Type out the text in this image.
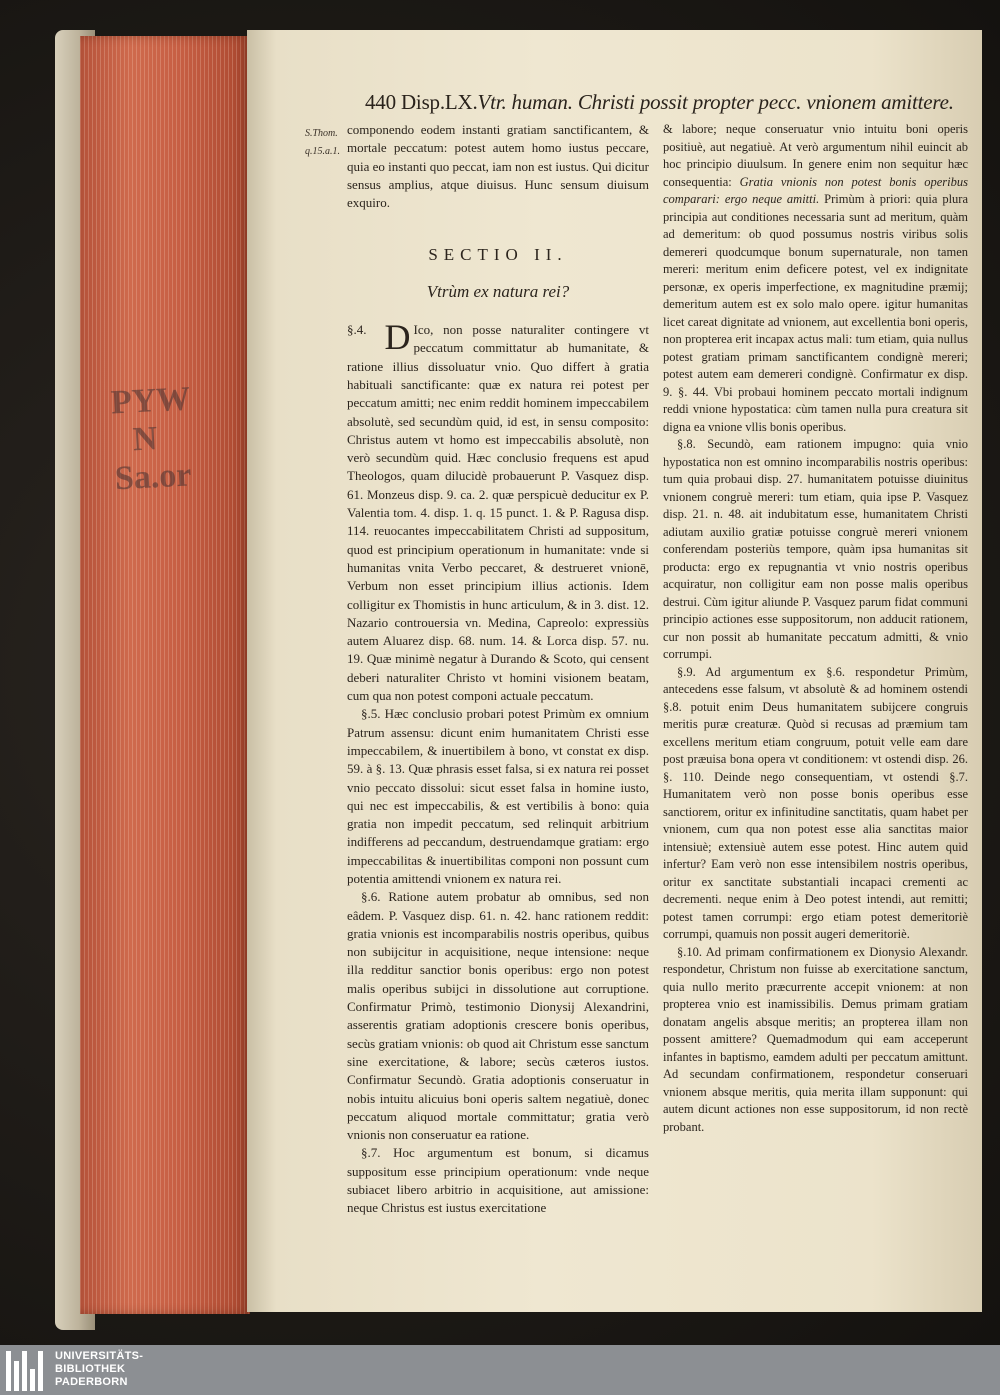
PYW
N
Sa.or
440 Disp.LX.Vtr. human. Christi possit propter pecc. vnionem amittere.
S.Thom.
q.15.a.1.

componendo eodem instanti gratiam sanctificantem, & mortale peccatum: potest autem homo iustus peccare, quia eo instanti quo peccat, iam non est iustus. Qui dicitur sensus amplius, atque diuisus. Hunc sensum diuisum exquiro.

SECTIO II.
Vtrùm ex natura rei?

§.4. D Ico, non posse naturaliter contingere vt peccatum committatur ab humanitate, & ratione illius dissoluatur vnio. Quo differt à gratia habituali sanctificante: quæ ex natura rei potest per peccatum amitti; nec enim reddit hominem impeccabilem absolutè, sed secundùm quid, id est, in sensu composito: Christus autem vt homo est impeccabilis absolutè, non verò secundùm quid. Hæc conclusio frequens est apud Theologos, quam dilucidè probauerunt P. Vasquez disp. 61. Monzeus disp. 9. ca. 2. quæ perspicuè deducitur ex P. Valentia tom. 4. disp. 1. q. 15 punct. 1. & P. Ragusa disp. 114. reuocantes impeccabilitatem Christi ad suppositum, quod est principium operationum in humanitate: vnde si humanitas vnita Verbo peccaret, & destrueret vnionē, Verbum non esset principium illius actionis. Idem colligitur ex Thomistis in hunc articulum, & in 3. dist. 12. Nazario controuersia vn. Medina, Capreolo: expressiùs autem Aluarez disp. 68. num. 14. & Lorca disp. 57. nu. 19. Quæ minimè negatur à Durando & Scoto, qui censent deberi naturaliter Christo vt homini visionem beatam, cum qua non potest componi actuale peccatum.

§.5. Hæc conclusio probari potest Primùm ex omnium Patrum assensu: dicunt enim humanitatem Christi esse impeccabilem, & inuertibilem à bono, vt constat ex disp. 59. à §. 13. Quæ phrasis esset falsa, si ex natura rei posset vnio peccato dissolui: sicut esset falsa in homine iusto, qui nec est impeccabilis, & est vertibilis à bono: quia gratia non impedit peccatum, sed relinquit arbitrium indifferens ad peccandum, destruendamque gratiam: ergo impeccabilitas & inuertibilitas componi non possunt cum potentia amittendi vnionem ex natura rei.

§.6. Ratione autem probatur ab omnibus, sed non eâdem. P. Vasquez disp. 61. n. 42. hanc rationem reddit: gratia vnionis est incomparabilis nostris operibus, quibus non subijcitur in acquisitione, neque intensione: neque illa redditur sanctior bonis operibus: ergo non potest malis operibus subijci in dissolutione aut corruptione. Confirmatur Primò, testimonio Dionysij Alexandrini, asserentis gratiam adoptionis crescere bonis operibus, secùs gratiam vnionis: ob quod ait Christum esse sanctum sine exercitatione, & labore; secùs cæteros iustos. Confirmatur Secundò. Gratia adoptionis conseruatur in nobis intuitu alicuius boni operis saltem negatiuè, donec peccatum aliquod mortale committatur; gratia verò vnionis non conseruatur ea ratione.

§.7. Hoc argumentum est bonum, si dicamus suppositum esse principium operationum: vnde neque subiacet libero arbitrio in acquisitione, aut amissione: neque Christus est iustus exercitatione

& labore; neque conseruatur vnio intuitu boni operis positiuè, aut negatiuè. At verò argumentum nihil euincit ab hoc principio diuulsum. In genere enim non sequitur hæc consequentia: Gratia vnionis non potest bonis operibus comparari: ergo neque amitti. Primùm à priori: quia plura principia aut conditiones necessaria sunt ad meritum, quàm ad demeritum: ob quod possumus nostris viribus solis demereri quodcumque bonum supernaturale, non tamen mereri: meritum enim deficere potest, vel ex indignitate personæ, ex operis imperfectione, ex magnitudine præmij; demeritum autem est ex solo malo opere. igitur humanitas licet careat dignitate ad vnionem, aut excellentia boni operis, non propterea erit incapax actus mali: tum etiam, quia nullus potest gratiam primam sanctificantem condignè mereri; potest autem eam demereri condignè. Confirmatur ex disp. 9. §. 44. Vbi probaui hominem peccato mortali indignum reddi vnione hypostatica: cùm tamen nulla pura creatura sit digna ea vnione vllis bonis operibus.

§.8. Secundò, eam rationem impugno: quia vnio hypostatica non est omnino incomparabilis nostris operibus: tum quia probaui disp. 27. humanitatem potuisse diuinitus vnionem congruè mereri: tum etiam, quia ipse P. Vasquez disp. 21. n. 48. ait indubitatum esse, humanitatem Christi adiutam auxilio gratiæ potuisse congruè mereri vnionem conferendam posteriùs tempore, quàm ipsa humanitas sit producta: ergo ex repugnantia vt vnio nostris operibus acquiratur, non colligitur eam non posse malis operibus destrui. Cùm igitur aliunde P. Vasquez parum fidat communi principio actiones esse suppositorum, non adducit rationem, cur non possit ab humanitate peccatum admitti, & vnio corrumpi.

§.9. Ad argumentum ex §.6. respondetur Primùm, antecedens esse falsum, vt absolutè & ad hominem ostendi §.8. potuit enim Deus humanitatem subijcere congruis meritis puræ creaturæ. Quòd si recusas ad præmium tam excellens meritum etiam congruum, potuit velle eam dare post præuisa bona opera vt conditionem: vt ostendi disp. 26. §. 110. Deinde nego consequentiam, vt ostendi §.7. Humanitatem verò non posse bonis operibus esse sanctiorem, oritur ex infinitudine sanctitatis, quam habet per vnionem, cum qua non potest esse alia sanctitas maior intensiuè; extensiuè autem esse potest. Hinc autem quid infertur? Eam verò non esse intensibilem nostris operibus, oritur ex sanctitate substantiali incapaci crementi ac decrementi. neque enim à Deo potest intendi, aut remitti; potest tamen corrumpi: ergo etiam potest demeritoriè corrumpi, quamuis non possit augeri demeritoriè.

§.10. Ad primam confirmationem ex Dionysio Alexandr. respondetur, Christum non fuisse ab exercitatione sanctum, quia nullo merito præcurrente accepit vnionem: at non propterea vnio est inamissibilis. Demus primam gratiam donatam angelis absque meritis; an propterea illam non possent amittere? Quemadmodum qui eam acceperunt infantes in baptismo, eamdem adulti per peccatum amittunt. Ad secundam confirmationem, respondetur conseruari vnionem absque meritis, quia merita illam supponunt: qui autem dicunt actiones non esse suppositorum, id non rectè probant.

UNIVERSITÄTS-
BIBLIOTHEK
PADERBORN
